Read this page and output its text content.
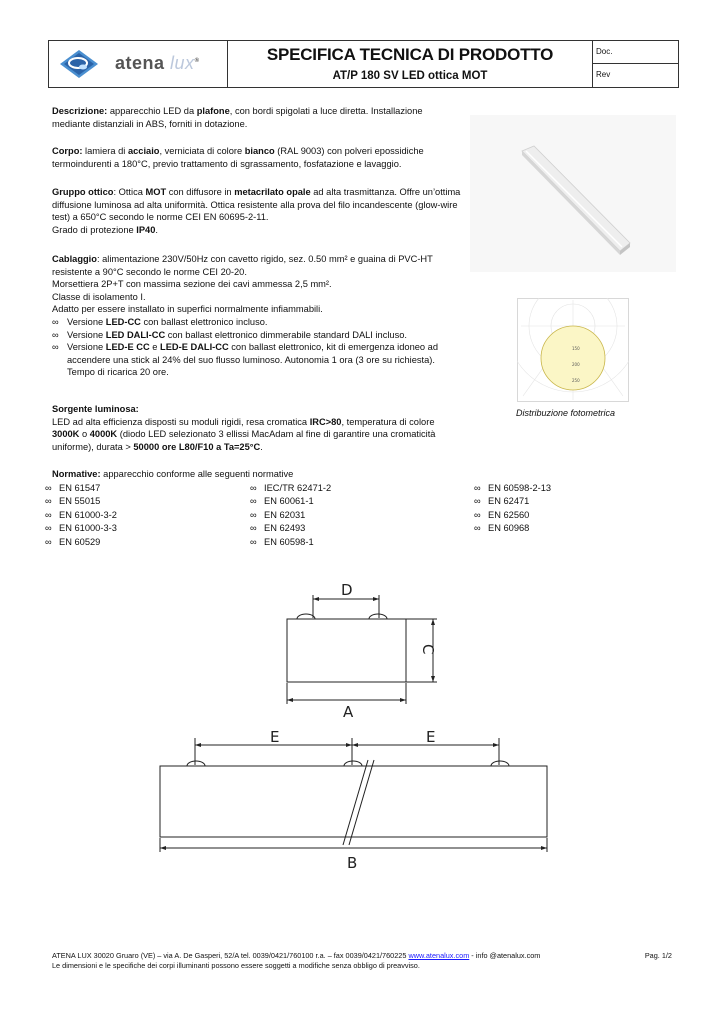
atena lux®	SPECIFICA TECNICA DI PRODOTTO
AT/P 180 SV LED ottica MOT
Doc.
Rev

Descrizione: apparecchio LED da plafone, con bordi spigolati a luce diretta. Installazione mediante distanziali in ABS, forniti in dotazione.

Corpo: lamiera di acciaio, verniciata di colore bianco (RAL 9003) con polveri epossidiche termoindurenti a 180°C, previo trattamento di sgrassamento, fosfatazione e lavaggio.

Gruppo ottico: Ottica MOT con diffusore in metacrilato opale ad alta trasmittanza. Offre un’ottima diffusione luminosa ad alta uniformità. Ottica resistente alla prova del filo incandescente (glow-wire test) a 650°C secondo le norme CEI EN 60695-2-11.

Grado di protezione IP40.

Cablaggio: alimentazione 230V/50Hz con cavetto rigido, sez. 0.50 mm² e guaina di PVC-HT resistente a 90°C secondo le norme CEI 20-20.

Morsettiera 2P+T con massima sezione dei cavi ammessa 2,5 mm².

Classe di isolamento I.

Adatto per essere installato in superfici normalmente infiammabili.

∞ Versione LED-CC con ballast elettronico incluso.

∞ Versione LED DALI-CC con ballast elettronico dimmerabile standard DALI incluso.

∞ Versione LED-E CC e LED-E DALI-CC con ballast elettronico, kit di emergenza idoneo ad accendere una stick al 24% del suo flusso luminoso. Autonomia 1 ora (3 ore su richiesta). Tempo di ricarica 20 ore.

Sorgente luminosa:

LED ad alta efficienza disposti su moduli rigidi, resa cromatica IRC>80, temperatura di colore 3000K o 4000K (diodo LED selezionato 3 ellissi MacAdam al fine di garantire una cromaticità uniforme), durata > 50000 ore L80/F10 a Ta=25°C.

Normative: apparecchio conforme alle seguenti normative

∞ EN 61547
∞ EN 55015
∞ EN 61000-3-2
∞ EN 61000-3-3
∞ EN 60529
∞ IEC/TR 62471-2
∞ EN 60061-1
∞ EN 62031
∞ EN 62493
∞ EN 60598-1
∞ EN 60598-2-13
∞ EN 62471
∞ EN 62560
∞ EN 60968
150
200
250
Distribuzione fotometrica
D
A
E	E
B
C
ATENA LUX 30020 Gruaro (VE) – via A. De Gasperi, 52/A tel. 0039/0421/760100 r.a. – fax 0039/0421/760225 www.atenalux.com - info @atenalux.com	Pag. 1/2
Le dimensioni e le specifiche dei corpi illuminanti possono essere soggetti a modifiche senza obbligo di preavviso.
